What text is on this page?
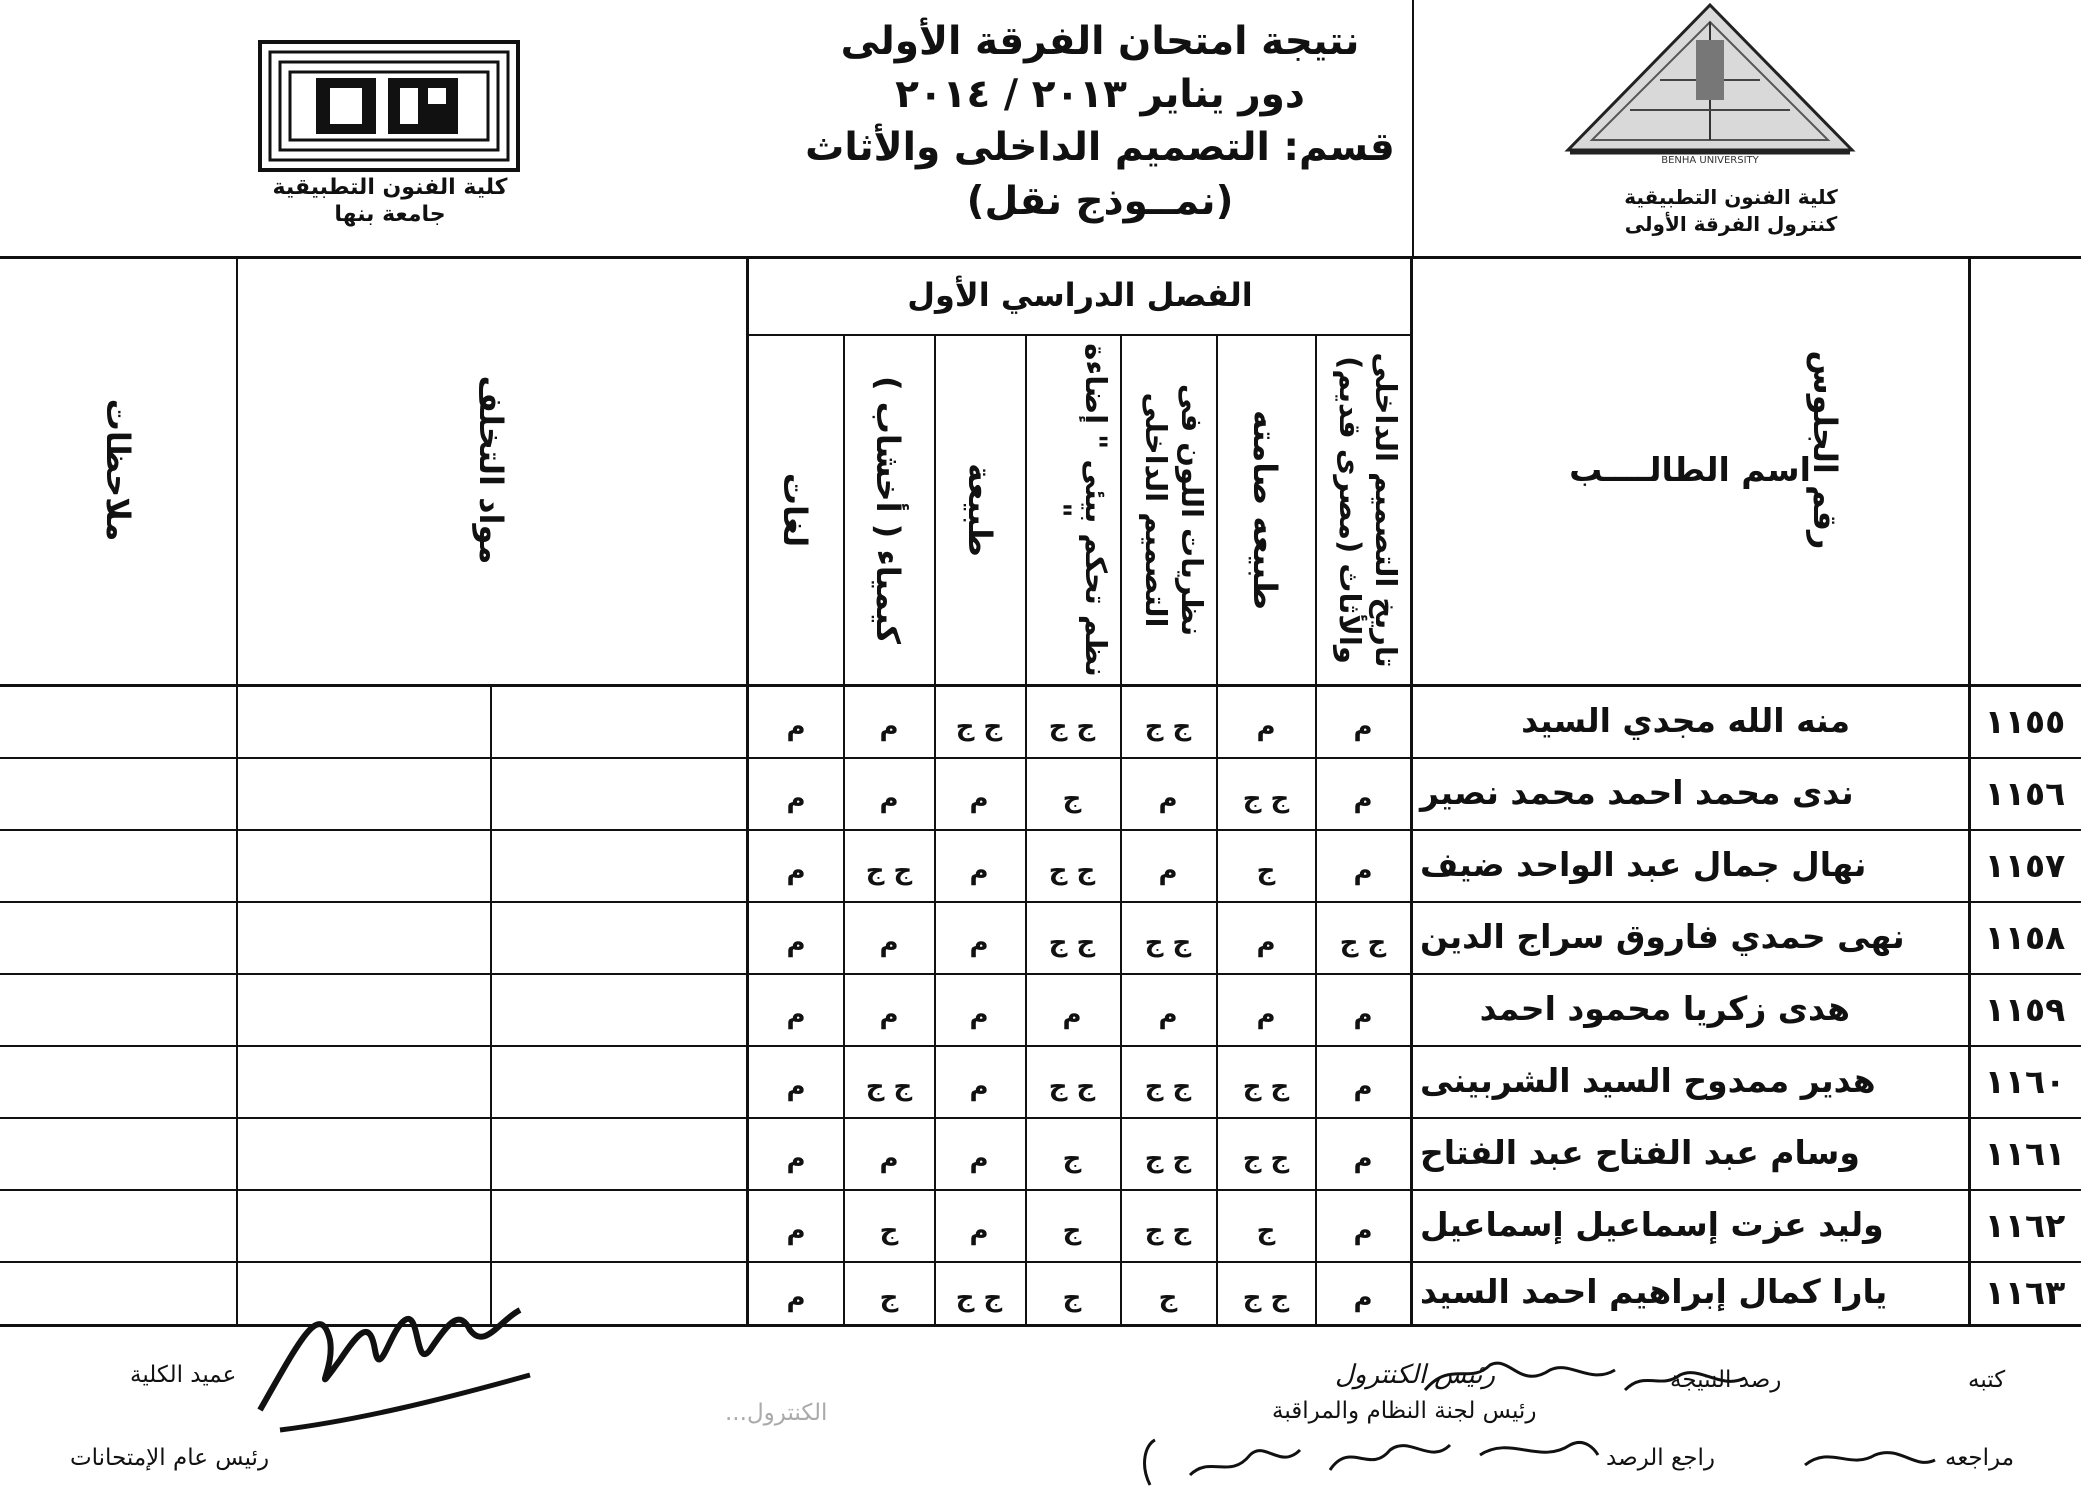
نتيجة امتحان الفرقة الأولى
دور يناير ٢٠١٣ / ٢٠١٤
قسم: التصميم الداخلى والأثاث
(نمــوذج نقل)
BENHA UNIVERSITY
كلية الفنون التطبيقية
كنترول الفرقة الأولى
كلية الفنون التطبيقية
جامعة بنها
رقم الجلوس
اسم الطالــــب
الفصل الدراسي الأول
تاريخ التصميم الداخلى والأثاث (مصرى قديم)
طبيعه صامته
نظريات اللون فى التصميم الداخلى
نظم تحكم بيئى " إضاءة "
طبيعة
كيمياء ( أخشاب )
لغات
مواد التخلف
ملاحظات
١١٥٥
منه الله مجدي السيد
م
م
ج ج
ج ج
ج ج
م
م
١١٥٦
ندى محمد احمد محمد نصير
م
ج ج
م
ج
م
م
م
١١٥٧
نهال جمال عبد الواحد ضيف
م
ج
م
ج ج
م
ج ج
م
١١٥٨
نهى حمدي فاروق سراج الدين
ج ج
م
ج ج
ج ج
م
م
م
١١٥٩
هدى زكريا محمود احمد
م
م
م
م
م
م
م
١١٦٠
هدير ممدوح السيد الشربينى
م
ج ج
ج ج
ج ج
م
ج ج
م
١١٦١
وسام عبد الفتاح عبد الفتاح
م
ج ج
ج ج
ج
م
م
م
١١٦٢
وليد عزت إسماعيل إسماعيل
م
ج
ج ج
ج
م
ج
م
١١٦٣
يارا كمال إبراهيم احمد السيد
م
ج ج
ج
ج
ج ج
ج
م
كتبه
رصد النتيجة
رئيس الكنترول
رئيس لجنة النظام والمراقبة
مراجعه
راجع الرصد
...الكنترول
عميد الكلية
رئيس عام الإمتحانات
